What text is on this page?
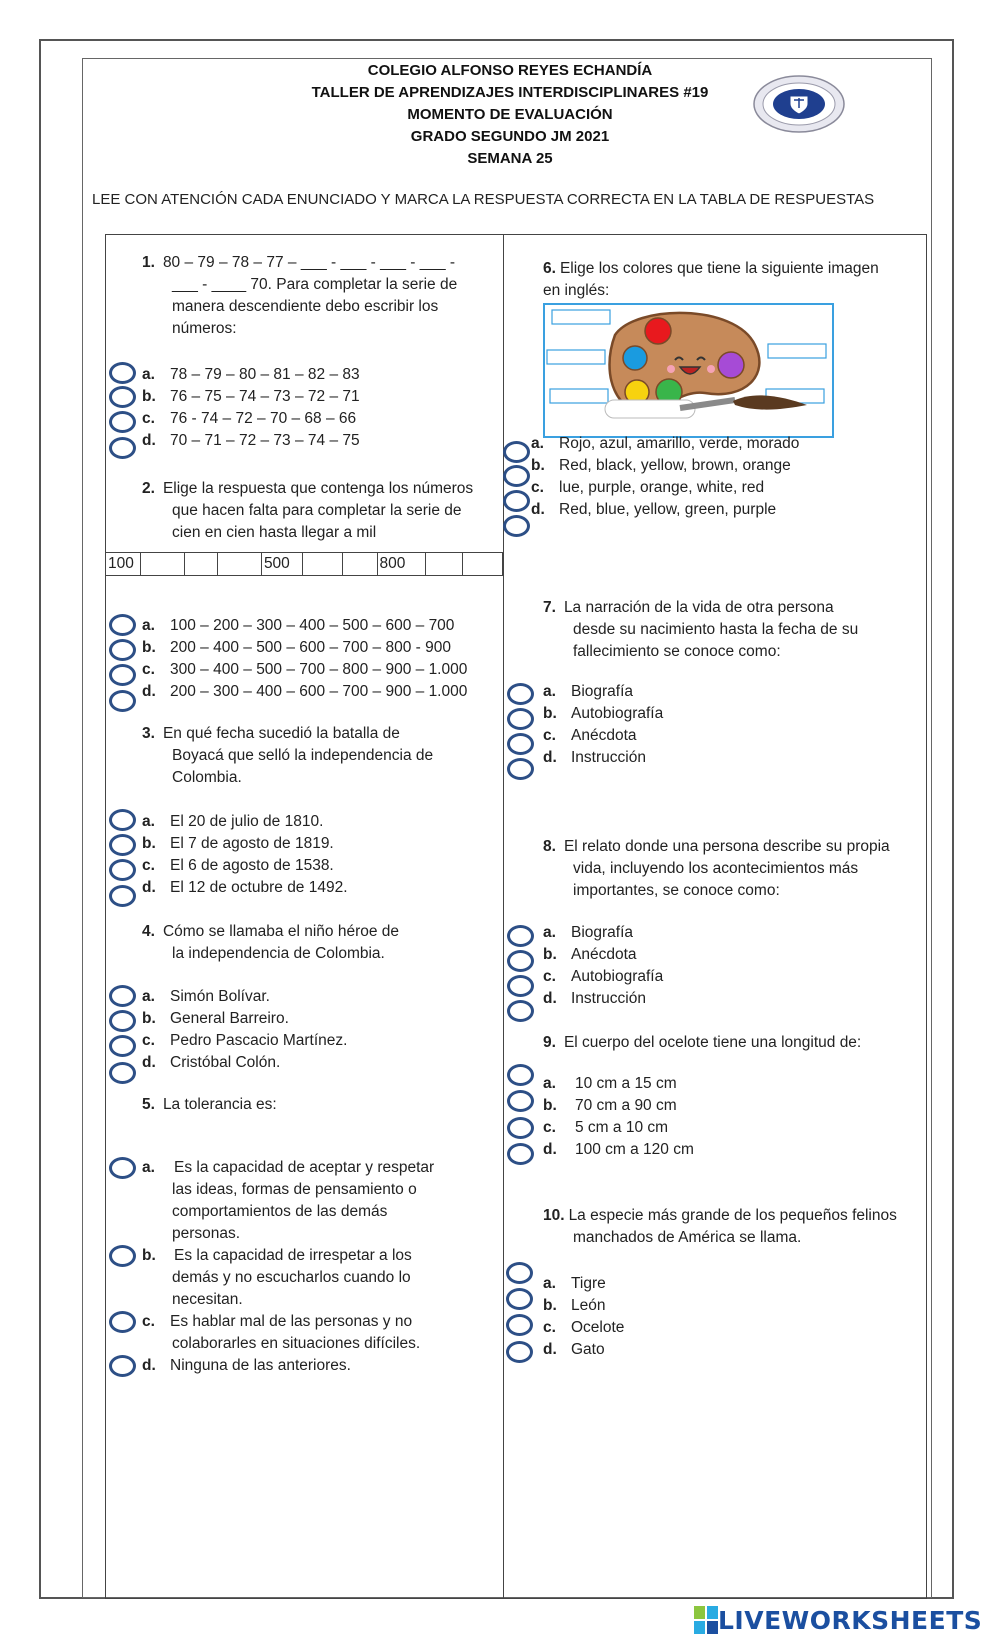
COLEGIO ALFONSO REYES ECHANDÍA
TALLER DE APRENDIZAJES INTERDISCIPLINARES #19
MOMENTO DE EVALUACIÓN
GRADO SEGUNDO JM 2021
SEMANA 25
LEE CON ATENCIÓN CADA ENUNCIADO Y MARCA LA RESPUESTA CORRECTA EN LA TABLA DE RESPUESTAS
1. 80 – 79 – 78 – 77 – ___ - ___ - ___ - ___ -
___ - ____ 70. Para completar la serie de
manera descendiente debo escribir los
números:
a. 78 – 79 – 80 – 81 – 82 – 83
b. 76 – 75 – 74 – 73 – 72 – 71
c. 76 - 74 – 72 – 70 – 68 – 66
d. 70 – 71 – 72 – 73 – 74 – 75
2. Elige la respuesta que contenga los números
que hacen falta para completar la serie de
cien en cien hasta llegar a mil
100				500			800		
a. 100 – 200 – 300 – 400 – 500 – 600 – 700
b. 200 – 400 – 500 – 600 – 700 – 800 - 900
c. 300 – 400 – 500 – 700 – 800 – 900 – 1.000
d. 200 – 300 – 400 – 600 – 700 – 900 – 1.000
3. En qué fecha sucedió la batalla de
Boyacá que selló la independencia de
Colombia.
a. El 20 de julio de 1810.
b. El 7 de agosto de 1819.
c. El 6 de agosto de 1538.
d. El 12 de octubre de 1492.
4. Cómo se llamaba el niño héroe de
la independencia de Colombia.
a. Simón Bolívar.
b. General Barreiro.
c. Pedro Pascacio Martínez.
d. Cristóbal Colón.
5. La tolerancia es:
a. Es la capacidad de aceptar y respetar
las ideas, formas de pensamiento o
comportamientos de las demás
personas.
b. Es la capacidad de irrespetar a los
demás y no escucharlos cuando lo
necesitan.
c. Es hablar mal de las personas y no
colaborarles en situaciones difíciles.
d. Ninguna de las anteriores.
6. Elige los colores que tiene la siguiente imagen
en inglés:
a. Rojo, azul, amarillo, verde, morado
b. Red, black, yellow, brown, orange
c. lue, purple, orange, white, red
d. Red, blue, yellow, green, purple
7. La narración de la vida de otra persona
desde su nacimiento hasta la fecha de su
fallecimiento se conoce como:
a. Biografía
b. Autobiografía
c. Anécdota
d. Instrucción
8. El relato donde una persona describe su propia
vida, incluyendo los acontecimientos más
importantes, se conoce como:
a. Biografía
b. Anécdota
c. Autobiografía
d. Instrucción
9. El cuerpo del ocelote tiene una longitud de:
a. 10 cm a 15 cm
b. 70 cm a 90 cm
c. 5 cm a 10 cm
d. 100 cm a 120 cm
10. La especie más grande de los pequeños felinos
manchados de América se llama.
a. Tigre
b. León
c. Ocelote
d. Gato
LIVEWORKSHEETS
